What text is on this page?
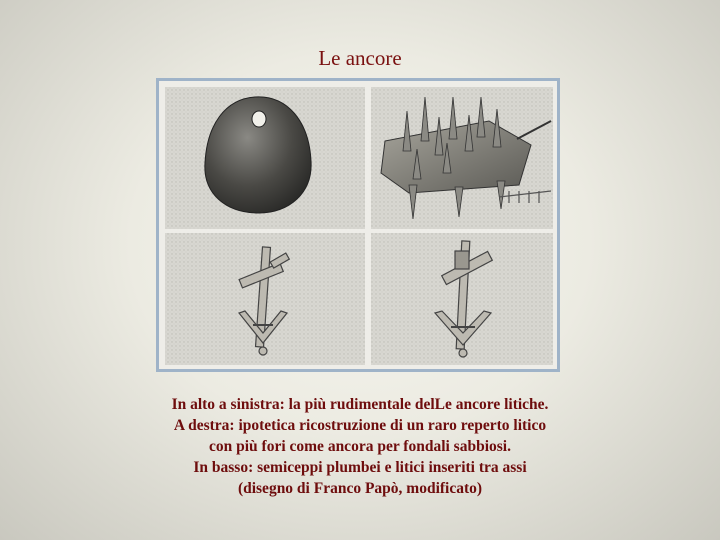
Le ancore
In alto a sinistra: la più rudimentale delLe ancore litiche.
A destra: ipotetica ricostruzione di un raro reperto litico
con più fori come ancora per fondali sabbiosi.
In basso: semiceppi plumbei e litici inseriti tra assi
(disegno di Franco Papò, modificato)
